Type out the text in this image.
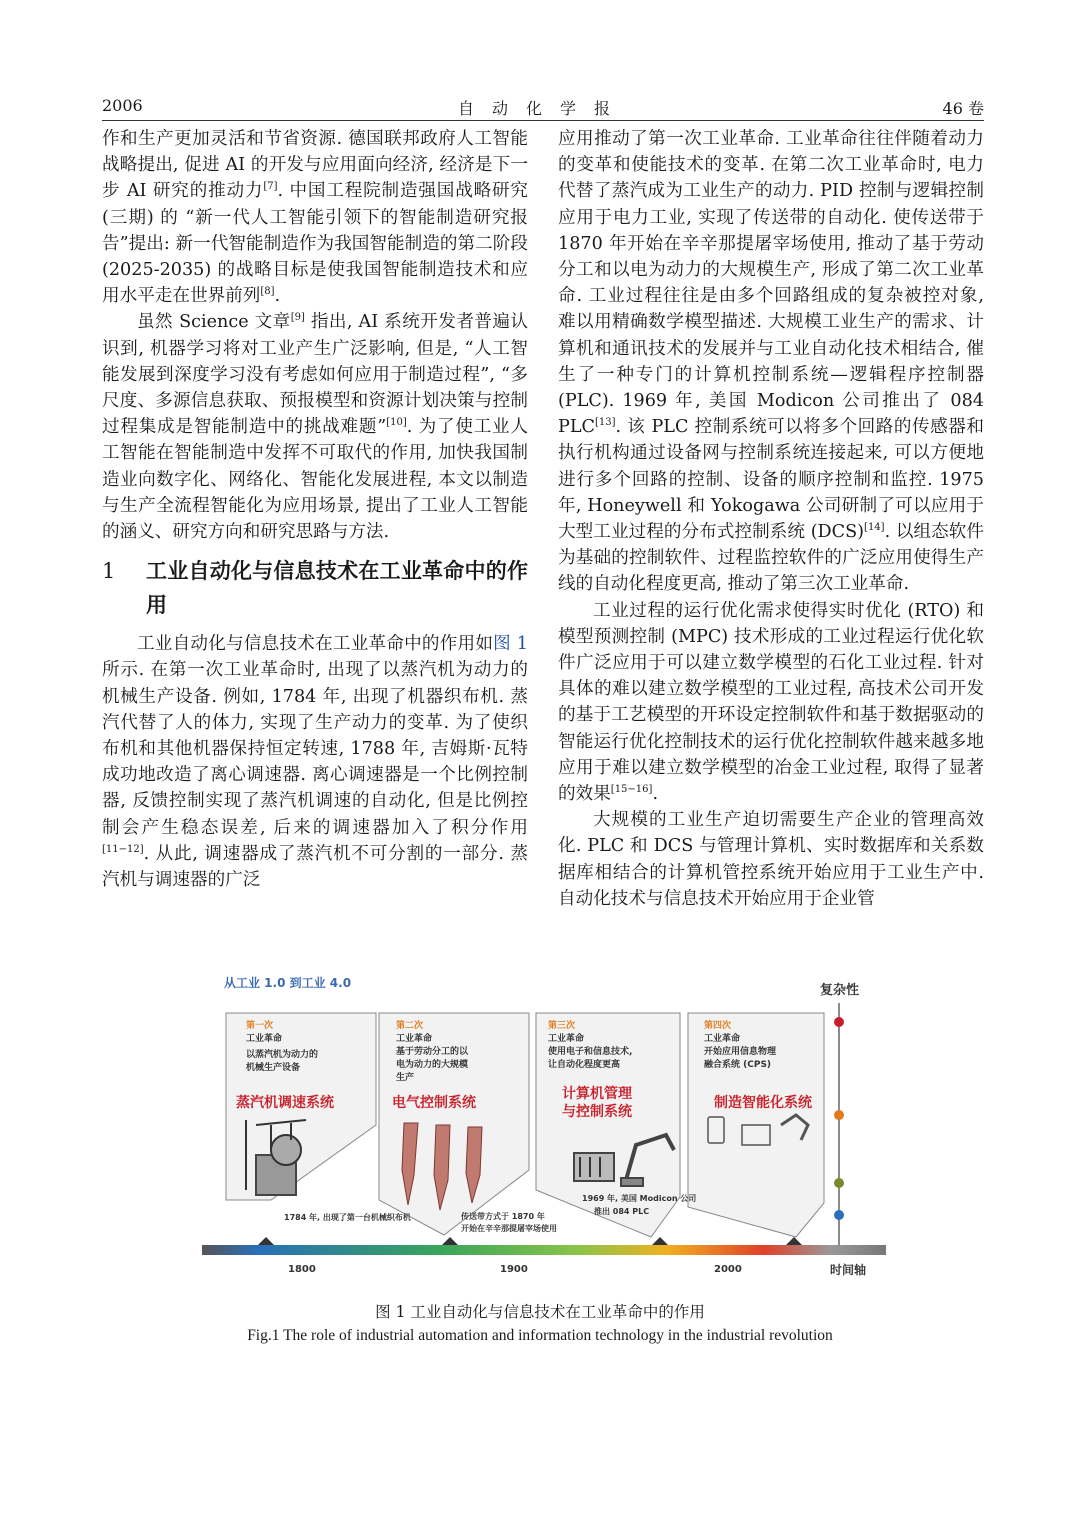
2006	自动化学报	46 卷

作和生产更加灵活和节省资源. 德国联邦政府人工智能战略提出, 促进 AI 的开发与应用面向经济, 经济是下一步 AI 研究的推动力[7]. 中国工程院制造强国战略研究 (三期) 的 “新一代人工智能引领下的智能制造研究报告”提出: 新一代智能制造作为我国智能制造的第二阶段 (2025-2035) 的战略目标是使我国智能制造技术和应用水平走在世界前列[8].

虽然 Science 文章[9] 指出, AI 系统开发者普遍认识到, 机器学习将对工业产生广泛影响, 但是, “人工智能发展到深度学习没有考虑如何应用于制造过程”, “多尺度、多源信息获取、预报模型和资源计划决策与控制过程集成是智能制造中的挑战难题”[10]. 为了使工业人工智能在智能制造中发挥不可取代的作用, 加快我国制造业向数字化、网络化、智能化发展进程, 本文以制造与生产全流程智能化为应用场景, 提出了工业人工智能的涵义、研究方向和研究思路与方法.

1 工业自动化与信息技术在工业革命中的作用

工业自动化与信息技术在工业革命中的作用如图 1 所示. 在第一次工业革命时, 出现了以蒸汽机为动力的机械生产设备. 例如, 1784 年, 出现了机器织布机. 蒸汽代替了人的体力, 实现了生产动力的变革. 为了使织布机和其他机器保持恒定转速, 1788 年, 吉姆斯·瓦特成功地改造了离心调速器. 离心调速器是一个比例控制器, 反馈控制实现了蒸汽机调速的自动化, 但是比例控制会产生稳态误差, 后来的调速器加入了积分作用[11−12]. 从此, 调速器成了蒸汽机不可分割的一部分. 蒸汽机与调速器的广泛

应用推动了第一次工业革命. 工业革命往往伴随着动力的变革和使能技术的变革. 在第二次工业革命时, 电力代替了蒸汽成为工业生产的动力. PID 控制与逻辑控制应用于电力工业, 实现了传送带的自动化. 使传送带于 1870 年开始在辛辛那提屠宰场使用, 推动了基于劳动分工和以电为动力的大规模生产, 形成了第二次工业革命. 工业过程往往是由多个回路组成的复杂被控对象, 难以用精确数学模型描述. 大规模工业生产的需求、计算机和通讯技术的发展并与工业自动化技术相结合, 催生了一种专门的计算机控制系统—逻辑程序控制器 (PLC). 1969 年, 美国 Modicon 公司推出了 084 PLC[13]. 该 PLC 控制系统可以将多个回路的传感器和执行机构通过设备网与控制系统连接起来, 可以方便地进行多个回路的控制、设备的顺序控制和监控. 1975 年, Honeywell 和 Yokogawa 公司研制了可以应用于大型工业过程的分布式控制系统 (DCS)[14]. 以组态软件为基础的控制软件、过程监控软件的广泛应用使得生产线的自动化程度更高, 推动了第三次工业革命.

工业过程的运行优化需求使得实时优化 (RTO) 和模型预测控制 (MPC) 技术形成的工业过程运行优化软件广泛应用于可以建立数学模型的石化工业过程. 针对具体的难以建立数学模型的工业过程, 高技术公司开发的基于工艺模型的开环设定控制软件和基于数据驱动的智能运行优化控制技术的运行优化控制软件越来越多地应用于难以建立数学模型的冶金工业过程, 取得了显著的效果[15−16].

大规模的工业生产迫切需要生产企业的管理高效化. PLC 和 DCS 与管理计算机、实时数据库和关系数据库相结合的计算机管控系统开始应用于工业生产中. 自动化技术与信息技术开始应用于企业管

从工业 1.0 到工业 4.0	复杂性
第一次
工业革命
以蒸汽机为动力的
机械生产设备
蒸汽机调速系统
第二次
工业革命
基于劳动分工的以
电为动力的大规模
生产
电气控制系统
第三次
工业革命
使用电子和信息技术,
让自动化程度更高
计算机管理
与控制系统
第四次
工业革命
开始应用信息物理
融合系统 (CPS)
制造智能化系统
1784 年, 出现了第一台机械织布机	传送带方式于 1870 年
开始在辛辛那提屠宰场使用
1969 年, 美国 Modicon 公司
推出 084 PLC
1800	1900	2000	时间轴
图 1 工业自动化与信息技术在工业革命中的作用
Fig.1 The role of industrial automation and information technology in the industrial revolution
